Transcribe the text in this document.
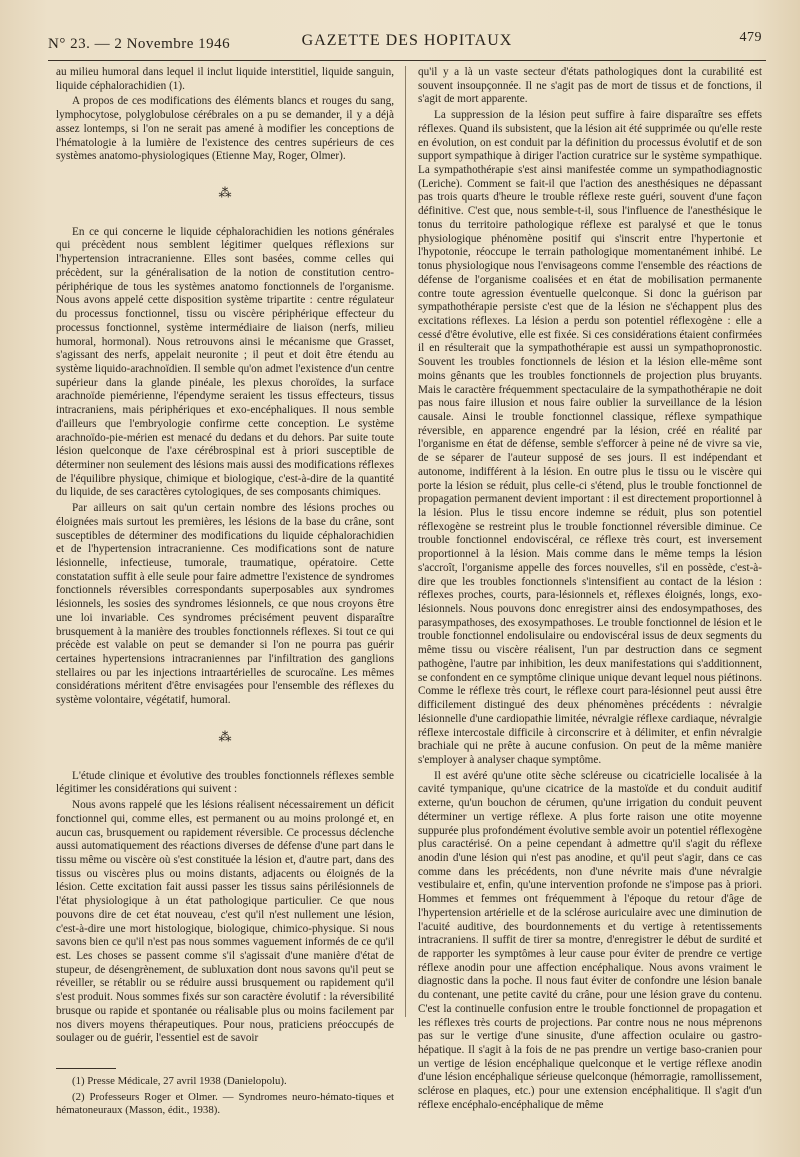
N° 23. — 2 Novembre 1946	GAZETTE DES HOPITAUX	479

au milieu humoral dans lequel il inclut liquide interstitiel, liquide sanguin, liquide céphalorachidien (1).

A propos de ces modifications des éléments blancs et rouges du sang, lymphocytose, polyglobulose cérébrales on a pu se demander, il y a déjà assez lontemps, si l'on ne serait pas amené à modifier les conceptions de l'hématologie à la lumière de l'existence des centres supérieurs de ces systèmes anatomo-physiologiques (Etienne May, Roger, Olmer).

⁂

En ce qui concerne le liquide céphalorachidien les notions générales qui précèdent nous semblent légitimer quelques réflexions sur l'hypertension intracranienne. Elles sont basées, comme celles qui précèdent, sur la généralisation de la notion de constitution centro-périphérique de tous les systèmes anatomo fonctionnels de l'organisme. Nous avons appelé cette disposition système tripartite : centre régulateur du processus fonctionnel, tissu ou viscère périphérique effecteur du processus fonctionnel, système intermédiaire de liaison (nerfs, milieu humoral, hormonal). Nous retrouvons ainsi le mécanisme que Grasset, s'agissant des nerfs, appelait neuronite ; il peut et doit être étendu au système liquido-arachnoïdien. Il semble qu'on admet l'existence d'un centre supérieur dans la glande pinéale, les plexus choroïdes, la surface arachnoïde piemérienne, l'épendyme seraient les tissus effecteurs, tissus intracraniens, mais périphériques et exo-encéphaliques. Il nous semble d'ailleurs que l'embryologie confirme cette conception. Le système arachnoïdo-pie-mérien est menacé du dedans et du dehors. Par suite toute lésion quelconque de l'axe cérébrospinal est à priori susceptible de déterminer non seulement des lésions mais aussi des modifications réflexes de l'équilibre physique, chimique et biologique, c'est-à-dire de la quantité du liquide, de ses caractères cytologiques, de ses composants chimiques.

Par ailleurs on sait qu'un certain nombre des lésions proches ou éloignées mais surtout les premières, les lésions de la base du crâne, sont susceptibles de déterminer des modifications du liquide céphalorachidien et de l'hypertension intracranienne. Ces modifications sont de nature lésionnelle, infectieuse, tumorale, traumatique, opératoire. Cette constatation suffit à elle seule pour faire admettre l'existence de syndromes fonctionnels réversibles correspondants superposables aux syndromes lésionnels, les sosies des syndromes lésionnels, ce que nous croyons être une loi invariable. Ces syndromes précisément peuvent disparaître brusquement à la manière des troubles fonctionnels réflexes. Si tout ce qui précède est valable on peut se demander si l'on ne pourra pas guérir certaines hypertensions intracraniennes par l'infiltration des ganglions stellaires ou par les injections intraartérielles de scurocaïne. Les mêmes considérations méritent d'être envisagées pour l'ensemble des réflexes du système volontaire, végétatif, humoral.

⁂

L'étude clinique et évolutive des troubles fonctionnels réflexes semble légitimer les considérations qui suivent :

Nous avons rappelé que les lésions réalisent nécessairement un déficit fonctionnel qui, comme elles, est permanent ou au moins prolongé et, en aucun cas, brusquement ou rapidement réversible. Ce processus déclenche aussi automatiquement des réactions diverses de défense d'une part dans le tissu même ou viscère où s'est constituée la lésion et, d'autre part, dans des tissus ou viscères plus ou moins distants, adjacents ou éloignés de la lésion. Cette excitation fait aussi passer les tissus sains périlésionnels de l'état physiologique à un état pathologique particulier. Ce que nous pouvons dire de cet état nouveau, c'est qu'il n'est nullement une lésion, c'est-à-dire une mort histologique, biologique, chimico-physique. Si nous savons bien ce qu'il n'est pas nous sommes vaguement informés de ce qu'il est. Les choses se passent comme s'il s'agissait d'une manière d'état de stupeur, de désengrènement, de subluxation dont nous savons qu'il peut se réveiller, se rétablir ou se réduire aussi brusquement ou rapidement qu'il s'est produit. Nous sommes fixés sur son caractère évolutif : la réversibilité brusque ou rapide et spontanée ou réalisable plus ou moins facilement par nos divers moyens thérapeutiques. Pour nous, praticiens préoccupés de soulager ou de guérir, l'essentiel est de savoir

(1) Presse Médicale, 27 avril 1938 (Danielopolu).

(2) Professeurs Roger et Olmer. — Syndromes neuro-hémato-tiques et hématoneuraux (Masson, édit., 1938).

qu'il y a là un vaste secteur d'états pathologiques dont la curabilité est souvent insoupçonnée. Il ne s'agit pas de mort de tissus et de fonctions, il s'agit de mort apparente.

La suppression de la lésion peut suffire à faire disparaître ses effets réflexes. Quand ils subsistent, que la lésion ait été supprimée ou qu'elle reste en évolution, on est conduit par la définition du processus évolutif et de son support sympathique à diriger l'action curatrice sur le système sympathique. La sympathothérapie s'est ainsi manifestée comme un sympathodiagnostic (Leriche). Comment se fait-il que l'action des anesthésiques ne dépassant pas trois quarts d'heure le trouble réflexe reste guéri, souvent d'une façon définitive. C'est que, nous semble-t-il, sous l'influence de l'anesthésique le tonus du territoire pathologique réflexe est paralysé et que le tonus physiologique phénomène positif qui s'inscrit entre l'hypertonie et l'hypotonie, réoccupe le terrain pathologique momentanément inhibé. Le tonus physiologique nous l'envisageons comme l'ensemble des réactions de défense de l'organisme coalisées et en état de mobilisation permanente contre toute agression éventuelle quelconque. Si donc la guérison par sympathothérapie persiste c'est que de la lésion ne s'échappent plus des excitations réflexes. La lésion a perdu son potentiel réflexogène : elle a cessé d'être évolutive, elle est fixée. Si ces considérations étaient confirmées il en résulterait que la sympathothérapie est aussi un sympathopronostic. Souvent les troubles fonctionnels de lésion et la lésion elle-même sont moins gênants que les troubles fonctionnels de projection plus bruyants. Mais le caractère fréquemment spectaculaire de la sympathothérapie ne doit pas nous faire illusion et nous faire oublier la surveillance de la lésion causale. Ainsi le trouble fonctionnel classique, réflexe sympathique réversible, en apparence engendré par la lésion, créé en réalité par l'organisme en état de défense, semble s'efforcer à peine né de vivre sa vie, de se séparer de l'auteur supposé de ses jours. Il est indépendant et autonome, indifférent à la lésion. En outre plus le tissu ou le viscère qui porte la lésion se réduit, plus celle-ci s'étend, plus le trouble fonctionnel de propagation permanent devient important : il est directement proportionnel à la lésion. Plus le tissu encore indemne se réduit, plus son potentiel réflexogène se restreint plus le trouble fonctionnel réversible diminue. Ce trouble fonctionnel endoviscéral, ce réflexe très court, est inversement proportionnel à la lésion. Mais comme dans le même temps la lésion s'accroît, l'organisme appelle des forces nouvelles, s'il en possède, c'est-à-dire que les troubles fonctionnels s'intensifient au contact de la lésion : réflexes proches, courts, para-lésionnels et, réflexes éloignés, longs, exo-lésionnels. Nous pouvons donc enregistrer ainsi des endosympathoses, des parasympathoses, des exosympathoses. Le trouble fonctionnel de lésion et le trouble fonctionnel endolisulaire ou endoviscéral issus de deux segments du même tissu ou viscère réalisent, l'un par destruction dans ce segment pathogène, l'autre par inhibition, les deux manifestations qui s'additionnent, se confondent en ce symptôme clinique unique devant lequel nous piétinons. Comme le réflexe très court, le réflexe court para-lésionnel peut aussi être difficilement distingué des deux phénomènes précédents : névralgie lésionnelle d'une cardiopathie limitée, névralgie réflexe cardiaque, névralgie réflexe intercostale difficile à circonscrire et à délimiter, et enfin névralgie brachiale qui ne prête à aucune confusion. On peut de la même manière s'employer à analyser chaque symptôme.

Il est avéré qu'une otite sèche scléreuse ou cicatricielle localisée à la cavité tympanique, qu'une cicatrice de la mastoïde et du conduit auditif externe, qu'un bouchon de cérumen, qu'une irrigation du conduit peuvent déterminer un vertige réflexe. A plus forte raison une otite moyenne suppurée plus profondément évolutive semble avoir un potentiel réflexogène plus caractérisé. On a peine cependant à admettre qu'il s'agit du réflexe anodin d'une lésion qui n'est pas anodine, et qu'il peut s'agir, dans ce cas comme dans les précédents, non d'une névrite mais d'une névralgie vestibulaire et, enfin, qu'une intervention profonde ne s'impose pas à priori. Hommes et femmes ont fréquemment à l'époque du retour d'âge de l'hypertension artérielle et de la sclérose auriculaire avec une diminution de l'acuité auditive, des bourdonnements et du vertige à retentissements intracraniens. Il suffit de tirer sa montre, d'enregistrer le début de surdité et de rapporter les symptômes à leur cause pour éviter de prendre ce vertige réflexe anodin pour une affection encéphalique. Nous avons vraiment le diagnostic dans la poche. Il nous faut éviter de confondre une lésion banale du contenant, une petite cavité du crâne, pour une lésion grave du contenu. C'est la continuelle confusion entre le trouble fonctionnel de propagation et les réflexes très courts de projections. Par contre nous ne nous méprenons pas sur le vertige d'une sinusite, d'une affection oculaire ou gastro-hépatique. Il s'agit à la fois de ne pas prendre un vertige baso-cranien pour un vertige de lésion encéphalique quelconque et le vertige réflexe anodin d'une lésion encéphalique sérieuse quelconque (hémorragie, ramollissement, sclérose en plaques, etc.) pour une extension encéphalitique. Il s'agit d'un réflexe encéphalo-encéphalique de même
